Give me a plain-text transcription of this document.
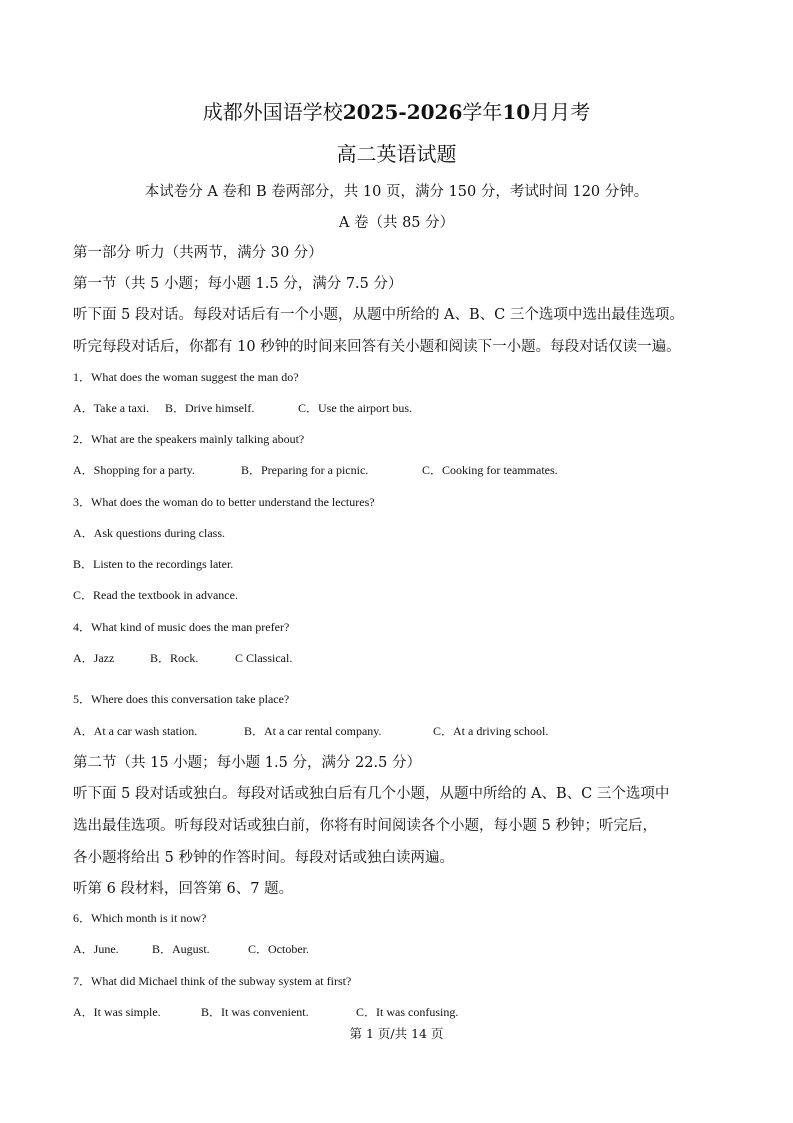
成都外国语学校2025-2026学年10月月考
高二英语试题
本试卷分 A 卷和 B 卷两部分，共 10 页，满分 150 分，考试时间 120 分钟。
A 卷（共 85 分）
第一部分 听力（共两节，满分 30 分）
第一节（共 5 小题；每小题 1.5 分，满分 7.5 分）
听下面 5 段对话。每段对话后有一个小题，从题中所给的 A、B、C 三个选项中选出最佳选项。
听完每段对话后，你都有 10 秒钟的时间来回答有关小题和阅读下一小题。每段对话仅读一遍。
1．What does the woman suggest the man do?
A．Take a taxi. B．Drive himself.	C．Use the airport bus.
2．What are the speakers mainly talking about?
A．Shopping for a party.	B．Preparing for a picnic.	C．Cooking for teammates.
3．What does the woman do to better understand the lectures?
A．Ask questions during class.
B．Listen to the recordings later.
C．Read the textbook in advance.
4．What kind of music does the man prefer?
A．Jazz	B．Rock.	C Classical.
5．Where does this conversation take place?
A．At a car wash station.	B．At a car rental company.	C．At a driving school.
第二节（共 15 小题；每小题 1.5 分，满分 22.5 分）
听下面 5 段对话或独白。每段对话或独白后有几个小题，从题中所给的 A、B、C 三个选项中
选出最佳选项。听每段对话或独白前，你将有时间阅读各个小题，每小题 5 秒钟；听完后，
各小题将给出 5 秒钟的作答时间。每段对话或独白读两遍。
听第 6 段材料，回答第 6、7 题。
6．Which month is it now?
A．June.	B．August.	C．October.
7．What did Michael think of the subway system at first?
A．It was simple.	B．It was convenient.	C．It was confusing.
第 1 页/共 14 页
